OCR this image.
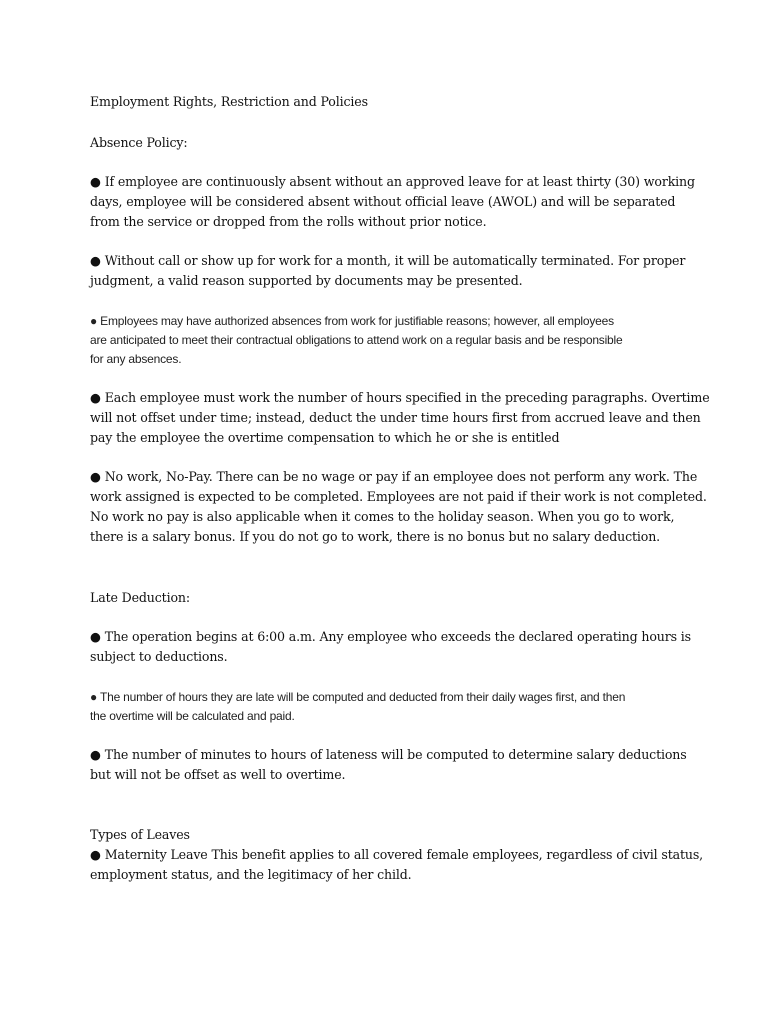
Employment Rights, Restriction and Policies

Absence Policy:

● If employee are continuously absent without an approved leave for at least thirty (30) working
days, employee will be considered absent without official leave (AWOL) and will be separated
from the service or dropped from the rolls without prior notice.

● Without call or show up for work for a month, it will be automatically terminated. For proper
judgment, a valid reason supported by documents may be presented.

● Employees may have authorized absences from work for justifiable reasons; however, all employees
are anticipated to meet their contractual obligations to attend work on a regular basis and be responsible
for any absences.

● Each employee must work the number of hours specified in the preceding paragraphs. Overtime
will not offset under time; instead, deduct the under time hours first from accrued leave and then
pay the employee the overtime compensation to which he or she is entitled

● No work, No-Pay. There can be no wage or pay if an employee does not perform any work. The
work assigned is expected to be completed. Employees are not paid if their work is not completed.
No work no pay is also applicable when it comes to the holiday season. When you go to work,
there is a salary bonus. If you do not go to work, there is no bonus but no salary deduction.

Late Deduction:

● The operation begins at 6:00 a.m. Any employee who exceeds the declared operating hours is
subject to deductions.

● The number of hours they are late will be computed and deducted from their daily wages first, and then
the overtime will be calculated and paid.

● The number of minutes to hours of lateness will be computed to determine salary deductions
but will not be offset as well to overtime.

Types of Leaves

● Maternity Leave This benefit applies to all covered female employees, regardless of civil status,
employment status, and the legitimacy of her child.
